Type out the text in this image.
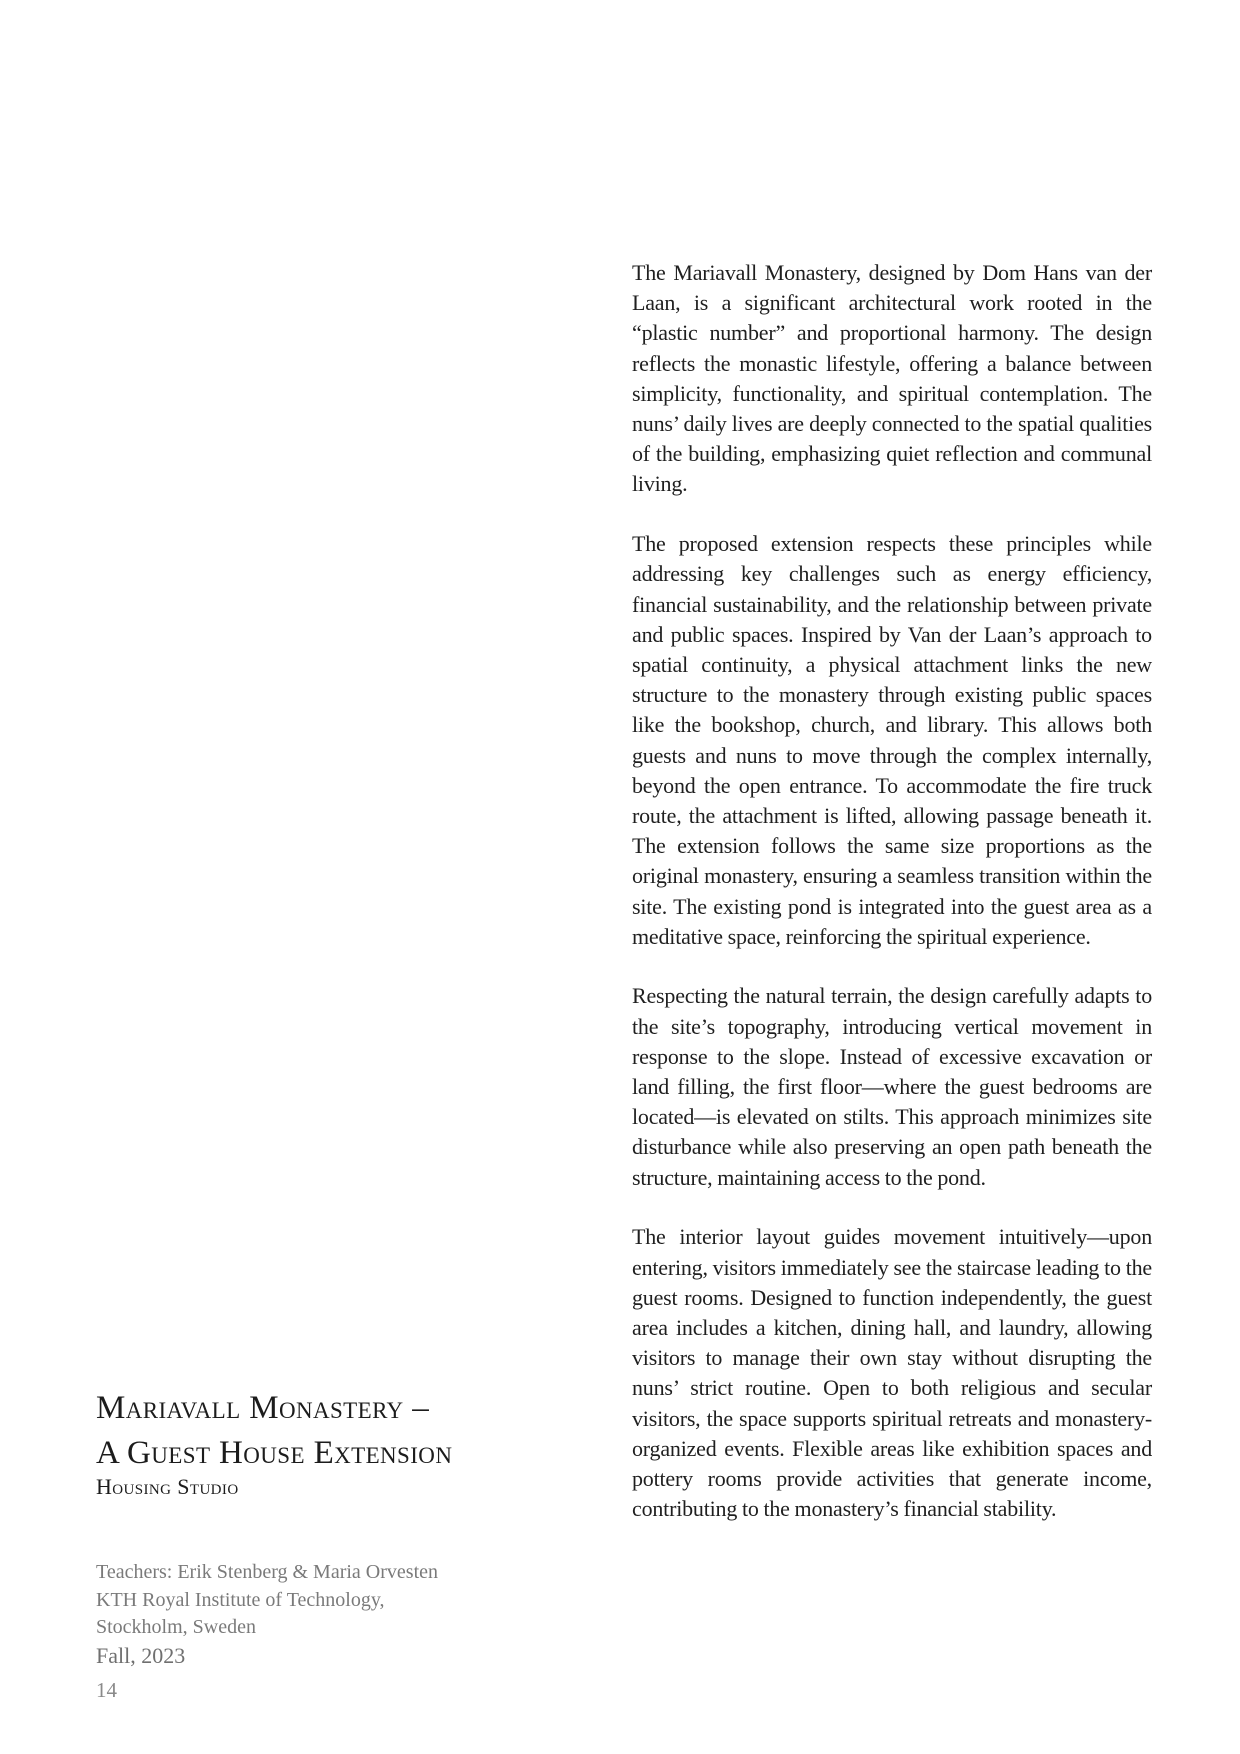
The Mariavall Monastery, designed by Dom Hans van der Laan, is a significant architectural work rooted in the “plastic number” and proportional harmony. The design reflects the monastic lifestyle, offering a balance between simplicity, functionality, and spiritual contemplation. The nuns’ daily lives are deeply connected to the spatial qualities of the building, emphasizing quiet reflection and communal living.

The proposed extension respects these principles while addressing key challenges such as energy efficiency, financial sustainability, and the relationship between private and public spaces. Inspired by Van der Laan’s approach to spatial continuity, a physical attachment links the new structure to the monastery through existing public spaces like the bookshop, church, and library. This allows both guests and nuns to move through the complex internally, beyond the open entrance. To accommodate the fire truck route, the attachment is lifted, allowing passage beneath it. The extension follows the same size proportions as the original monastery, ensuring a seamless transition within the site. The existing pond is integrated into the guest area as a meditative space, reinforcing the spiritual experience.

Respecting the natural terrain, the design carefully adapts to the site’s topography, introducing vertical movement in response to the slope. Instead of excessive excavation or land filling, the first floor—where the guest bedrooms are located—is elevated on stilts. This approach minimizes site disturbance while also preserving an open path beneath the structure, maintaining access to the pond.

The interior layout guides movement intuitively—upon entering, visitors immediately see the staircase leading to the guest rooms. Designed to function independently, the guest area includes a kitchen, dining hall, and laundry, allowing visitors to manage their own stay without disrupting the nuns’ strict routine. Open to both religious and secular visitors, the space supports spiritual retreats and monastery-organized events. Flexible areas like exhibition spaces and pottery rooms provide activities that generate income, contributing to the monastery’s financial stability.

Mariavall Monastery –
A Guest House Extension
Housing Studio
Teachers: Erik Stenberg & Maria Orvesten
KTH Royal Institute of Technology,
Stockholm, Sweden
Fall, 2023
14
